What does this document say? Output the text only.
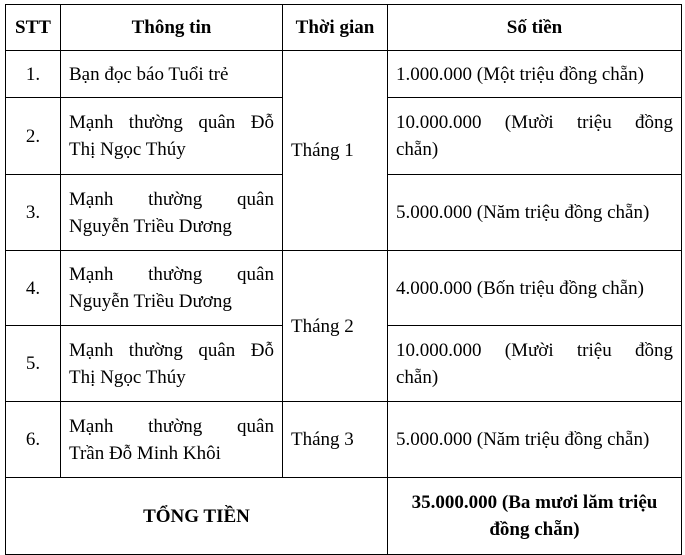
STT	Thông tin	Thời gian	Số tiền
1.	Bạn đọc báo Tuổi trẻ	Tháng 1	1.000.000 (Một triệu đồng chẵn)

2.	Mạnh thường quân Đỗ
Thị Ngọc Thúy		10.000.000 (Mười triệu đồng
chẵn)

3.	Mạnh thường quân
Nguyễn Triều Dương		5.000.000 (Năm triệu đồng chẵn)

4.	Mạnh thường quân
Nguyễn Triều Dương	Tháng 2	4.000.000 (Bốn triệu đồng chẵn)

5.	Mạnh thường quân Đỗ
Thị Ngọc Thúy		10.000.000 (Mười triệu đồng
chẵn)

6.	Mạnh thường quân
Trần Đỗ Minh Khôi	Tháng 3	5.000.000 (Năm triệu đồng chẵn)

TỔNG TIỀN			35.000.000 (Ba mươi lăm triệu
đồng chẵn)
